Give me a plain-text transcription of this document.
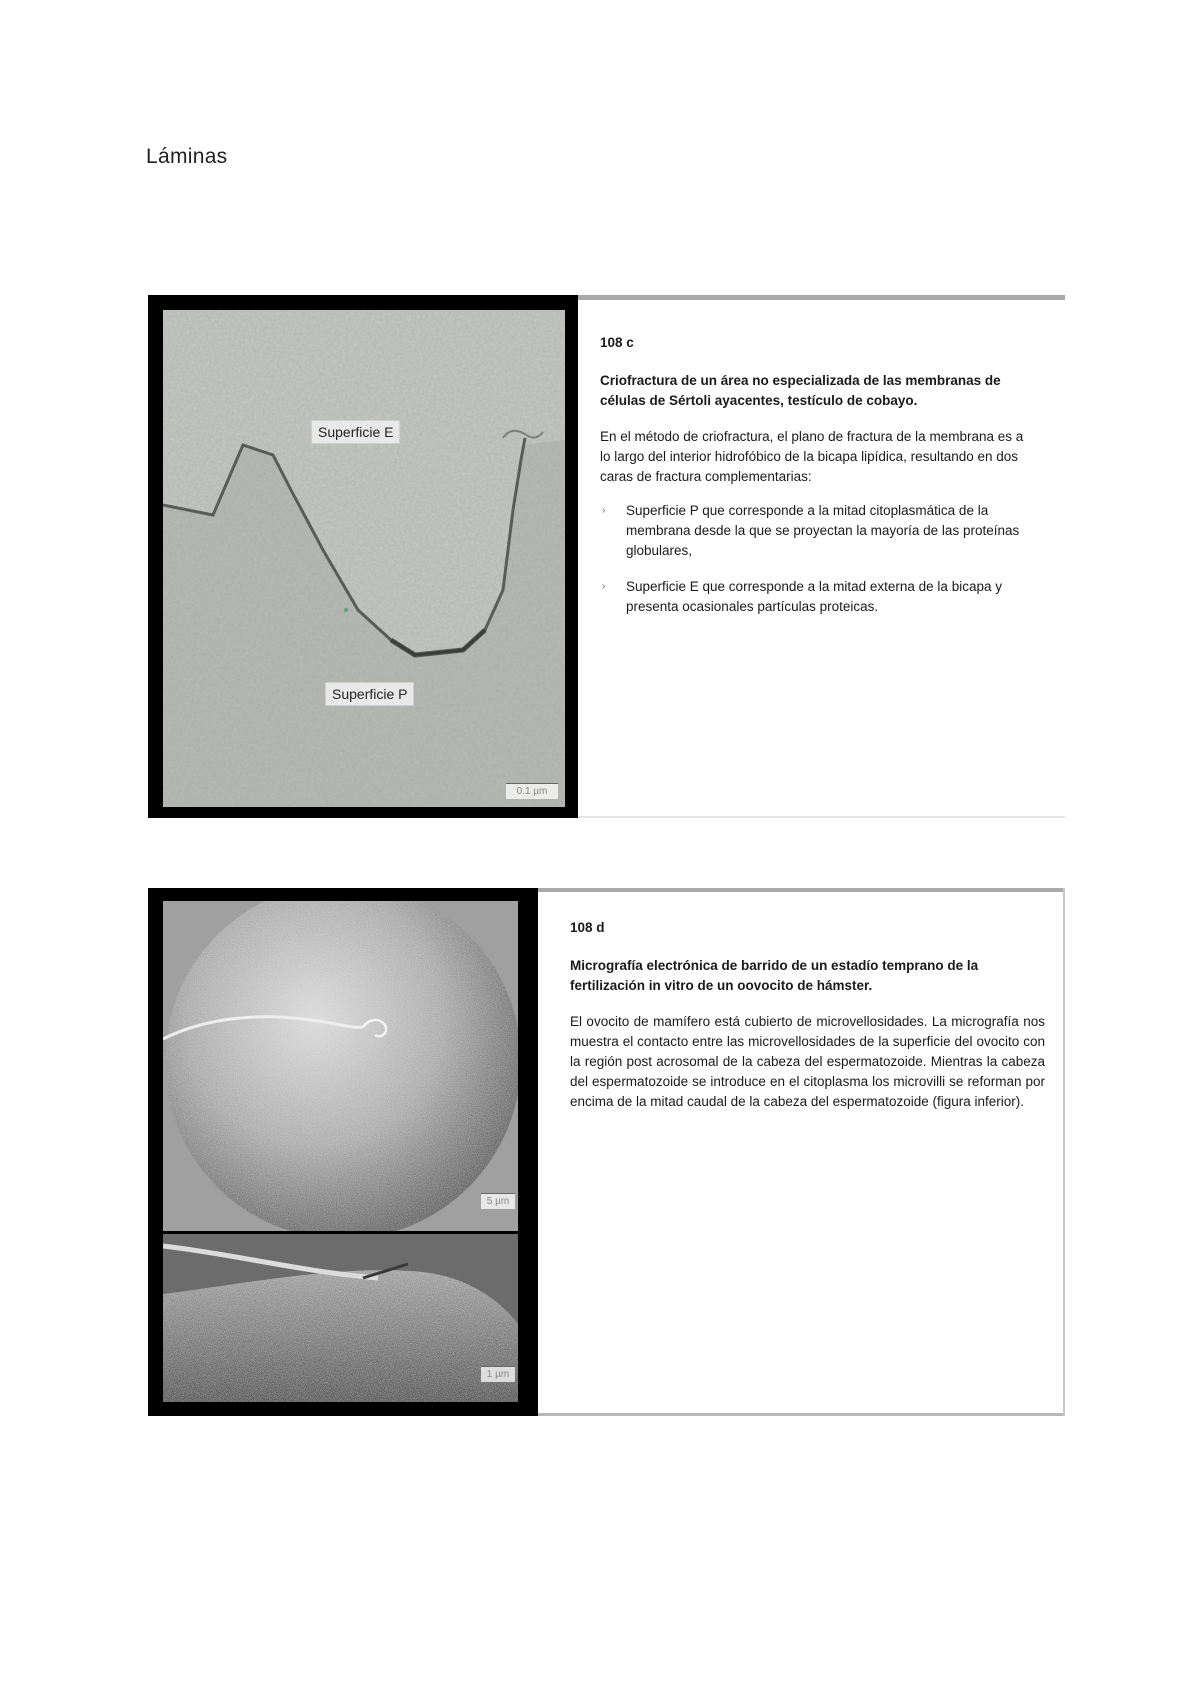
Láminas
Superficie E
Superficie P
0.1 µm

108 c

Criofractura de un área no especializada de las membranas de células de Sértoli ayacentes, testículo de cobayo.

En el método de criofractura, el plano de fractura de la membrana es a lo largo del interior hidrofóbico de la bicapa lipídica, resultando en dos caras de fractura complementarias:

› Superficie P que corresponde a la mitad citoplasmática de la membrana desde la que se proyectan la mayoría de las proteínas globulares,
› Superficie E que corresponde a la mitad externa de la bicapa y presenta ocasionales partículas proteicas.
5 µm
1 µm

108 d

Micrografía electrónica de barrido de un estadío temprano de la fertilización in vitro de un oovocito de hámster.

El ovocito de mamífero está cubierto de microvellosidades. La micrografía nos muestra el contacto entre las microvellosidades de la superficie del ovocito con la región post acrosomal de la cabeza del espermatozoide. Mientras la cabeza del espermatozoide se introduce en el citoplasma los microvilli se reforman por encima de la mitad caudal de la cabeza del espermatozoide (figura inferior).
